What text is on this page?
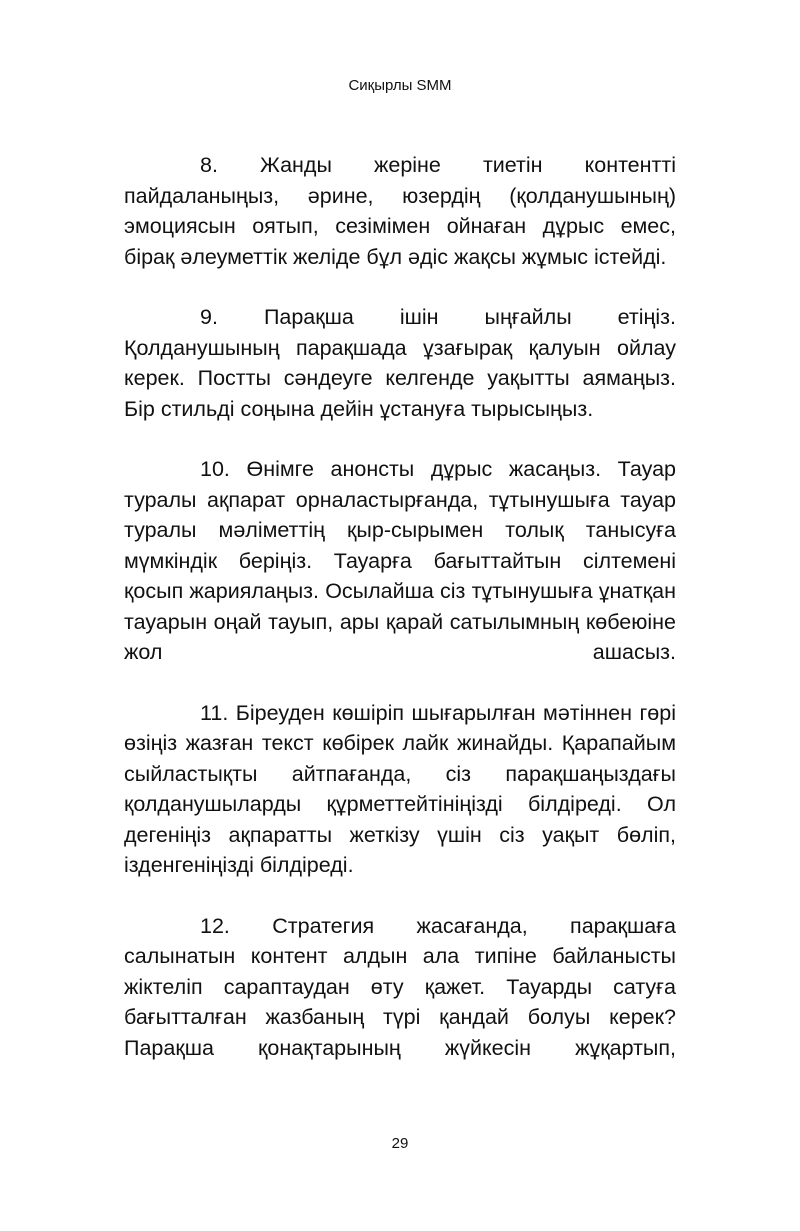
Сиқырлы SMM

8. Жанды жеріне тиетін контентті пайдаланыңыз, әрине, юзердің (қолданушының) эмоциясын оятып, сезімімен ойнаған дұрыс емес, бірақ әлеуметтік желіде бұл әдіс жақсы жұмыс істейді.

9. Парақша ішін ыңғайлы етіңіз. Қолданушының парақшада ұзағырақ қалуын ойлау керек. Постты сәндеуге келгенде уақытты аямаңыз. Бір стильді соңына дейін ұстануға тырысыңыз.

10. Өнімге анонсты дұрыс жасаңыз. Тауар туралы ақпарат орналастырғанда, тұтынушыға тауар туралы мәліметтің қыр-сырымен толық танысуға мүмкіндік беріңіз. Тауарға бағыттайтын сілтемені қосып жариялаңыз. Осылайша сіз тұтынушыға ұнатқан тауарын оңай тауып, ары қарай сатылымның көбеюіне жол ашасыз.

11. Біреуден көшіріп шығарылған мәтіннен гөрі өзіңіз жазған текст көбірек лайк жинайды. Қарапайым сыйластықты айтпағанда, сіз парақшаңыздағы қолданушыларды құрметтейтініңізді білдіреді. Ол дегеніңіз ақпаратты жеткізу үшін сіз уақыт бөліп, ізденгеніңізді білдіреді.

12. Стратегия жасағанда, парақшаға салынатын контент алдын ала типіне байланысты жіктеліп сараптаудан өту қажет. Тауарды сатуға бағытталған жазбаның түрі қандай болуы керек? Парақша қонақтарының жүйкесін жұқартып,

29
